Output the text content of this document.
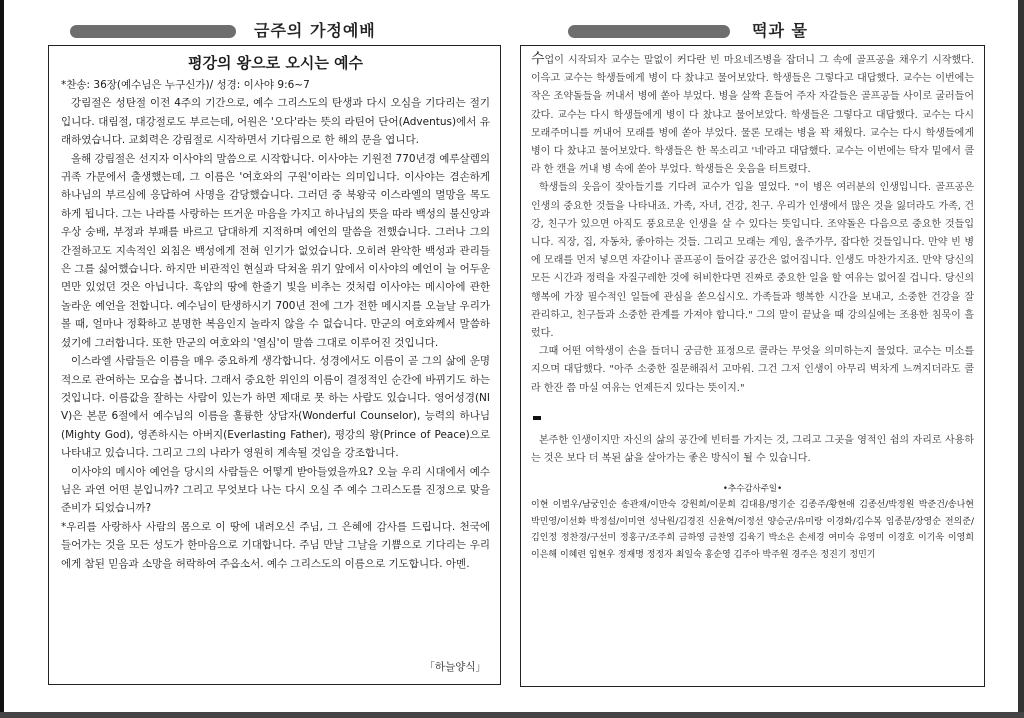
금주의 가정예배	떡과 물
평강의 왕으로 오시는 예수

*찬송: 36장(예수님은 누구신가)/ 성경: 이사야 9:6~7

강림절은 성탄절 이전 4주의 기간으로, 예수 그리스도의 탄생과 다시 오심을 기다리는 절기입니다. 대림절, 대강절로도 부르는데, 어원은 '오다'라는 뜻의 라틴어 단어(Adventus)에서 유래하였습니다. 교회력은 강림절로 시작하면서 기다림으로 한 해의 문을 엽니다.

올해 강림절은 선지자 이사야의 말씀으로 시작합니다. 이사야는 기원전 770년경 예루살렘의 귀족 가문에서 출생했는데, 그 이름은 '여호와의 구원'이라는 의미입니다. 이사야는 겸손하게 하나님의 부르심에 응답하여 사명을 감당했습니다. 그러던 중 북왕국 이스라엘의 멸망을 목도하게 됩니다. 그는 나라를 사랑하는 뜨거운 마음을 가지고 하나님의 뜻을 따라 백성의 불신앙과 우상 숭배, 부정과 부패를 바르고 담대하게 지적하며 예언의 말씀을 전했습니다. 그러나 그의 간절하고도 지속적인 외침은 백성에게 전혀 인기가 없었습니다. 오히려 완악한 백성과 관리들은 그를 싫어했습니다. 하지만 비관적인 현실과 닥쳐올 위기 앞에서 이사야의 예언이 늘 어두운 면만 있었던 것은 아닙니다. 흑암의 땅에 한줄기 빛을 비추는 것처럼 이사야는 메시아에 관한 놀라운 예언을 전합니다. 예수님이 탄생하시기 700년 전에 그가 전한 메시지를 오늘날 우리가 볼 때, 얼마나 정확하고 분명한 복음인지 놀라지 않을 수 없습니다. 만군의 여호와께서 말씀하셨기에 그러합니다. 또한 만군의 여호와의 '열심'이 말씀 그대로 이루어진 것입니다.

이스라엘 사람들은 이름을 매우 중요하게 생각합니다. 성경에서도 이름이 곧 그의 삶에 운명적으로 관여하는 모습을 봅니다. 그래서 중요한 위인의 이름이 결정적인 순간에 바뀌기도 하는 것입니다. 이름값을 잘하는 사람이 있는가 하면 제대로 못 하는 사람도 있습니다. 영어성경(NIV)은 본문 6절에서 예수님의 이름을 훌륭한 상담자(Wonderful Counselor), 능력의 하나님(Mighty God), 영존하시는 아버지(Everlasting Father), 평강의 왕(Prince of Peace)으로 나타내고 있습니다. 그리고 그의 나라가 영원히 계속될 것임을 강조합니다.

이사야의 메시아 예언을 당시의 사람들은 어떻게 받아들였을까요? 오늘 우리 시대에서 예수님은 과연 어떤 분입니까? 그리고 무엇보다 나는 다시 오실 주 예수 그리스도를 진정으로 맞을 준비가 되었습니까?

*우리를 사랑하사 사람의 몸으로 이 땅에 내려오신 주님, 그 은혜에 감사를 드립니다. 천국에 들어가는 것을 모든 성도가 한마음으로 기대합니다. 주님 만날 그날을 기쁨으로 기다리는 우리에게 참된 믿음과 소망을 허락하여 주옵소서. 예수 그리스도의 이름으로 기도합니다. 아멘.

「하늘양식」

수업이 시작되자 교수는 말없이 커다란 빈 마요네즈병을 잡더니 그 속에 골프공을 채우기 시작했다. 이윽고 교수는 학생들에게 병이 다 찼냐고 물어보았다. 학생들은 그렇다고 대답했다. 교수는 이번에는 작은 조약돌들을 꺼내서 병에 쏟아 부었다. 병을 살짝 흔들어 주자 자갈들은 골프공들 사이로 굴러들어갔다. 교수는 다시 학생들에게 병이 다 찼냐고 물어보았다. 학생들은 그렇다고 대답했다. 교수는 다시 모래주머니를 꺼내어 모래를 병에 쏟아 부었다. 물론 모래는 병을 꽉 채웠다. 교수는 다시 학생들에게 병이 다 찼냐고 물어보았다. 학생들은 한 목소리고 '네'라고 대답했다. 교수는 이번에는 탁자 밑에서 콜라 한 캔을 꺼내 병 속에 쏟아 부었다. 학생들은 웃음을 터트렸다.

학생들의 웃음이 잦아들기를 기다려 교수가 입을 열었다. "이 병은 여러분의 인생입니다. 골프공은 인생의 중요한 것들을 나타내죠. 가족, 자녀, 건강, 친구. 우리가 인생에서 많은 것을 잃더라도 가족, 건강, 친구가 있으면 아직도 풍요로운 인생을 살 수 있다는 뜻입니다. 조약돌은 다음으로 중요한 것들입니다. 직장, 집, 자동차, 좋아하는 것들. 그리고 모래는 게임, 울주가무, 잡다한 것들입니다. 만약 빈 병에 모래를 먼저 넣으면 자갈이나 골프공이 들어갈 공간은 없어집니다. 인생도 마찬가지죠. 만약 당신의 모든 시간과 정력을 자질구레한 것에 허비한다면 진짜로 중요한 일을 할 여유는 없어질 겁니다. 당신의 행복에 가장 필수적인 일들에 관심을 쏟으십시오. 가족들과 행복한 시간을 보내고, 소중한 건강을 잘 관리하고, 친구들과 소중한 관계를 가져야 합니다." 그의 말이 끝났을 때 강의실에는 조용한 침묵이 흘렀다.

그때 어떤 여학생이 손을 들더니 궁금한 표정으로 콜라는 무엇을 의미하는지 물었다. 교수는 미소를 지으며 대답했다. "아주 소중한 질문해줘서 고마워. 그건 그저 인생이 아무리 벅차게 느껴지더라도 콜라 한잔 쯤 마실 여유는 언제든지 있다는 뜻이지."

본주한 인생이지만 자신의 삶의 공간에 빈터를 가지는 것, 그리고 그곳을 영적인 쉼의 자리로 사용하는 것은 보다 더 복된 삶을 살아가는 좋은 방식이 될 수 있습니다.

•추수감사주일•
이현 이범우/남궁인순 송관재/이만숙 강원희/이문희 김대용/명기순 김종주/황현애 김종선/박정원 박준건/송나현 박민영/이선화 박정설/이미연 성낙원/김경진 신윤혁/이정선 양승군/유미랑 이경화/김수복 임종분/장영순 전의준/김인정 정찬경/구선미 정홍구/조주희 금하영 금찬영 김육기 박소은 손세경 여미숙 유영미 이경호 이기욱 이영희 이은해 이혜련 임현우 정재명 정정자 최일숙 홍순영 김주아 박주원 경주은 정진기 정민기
